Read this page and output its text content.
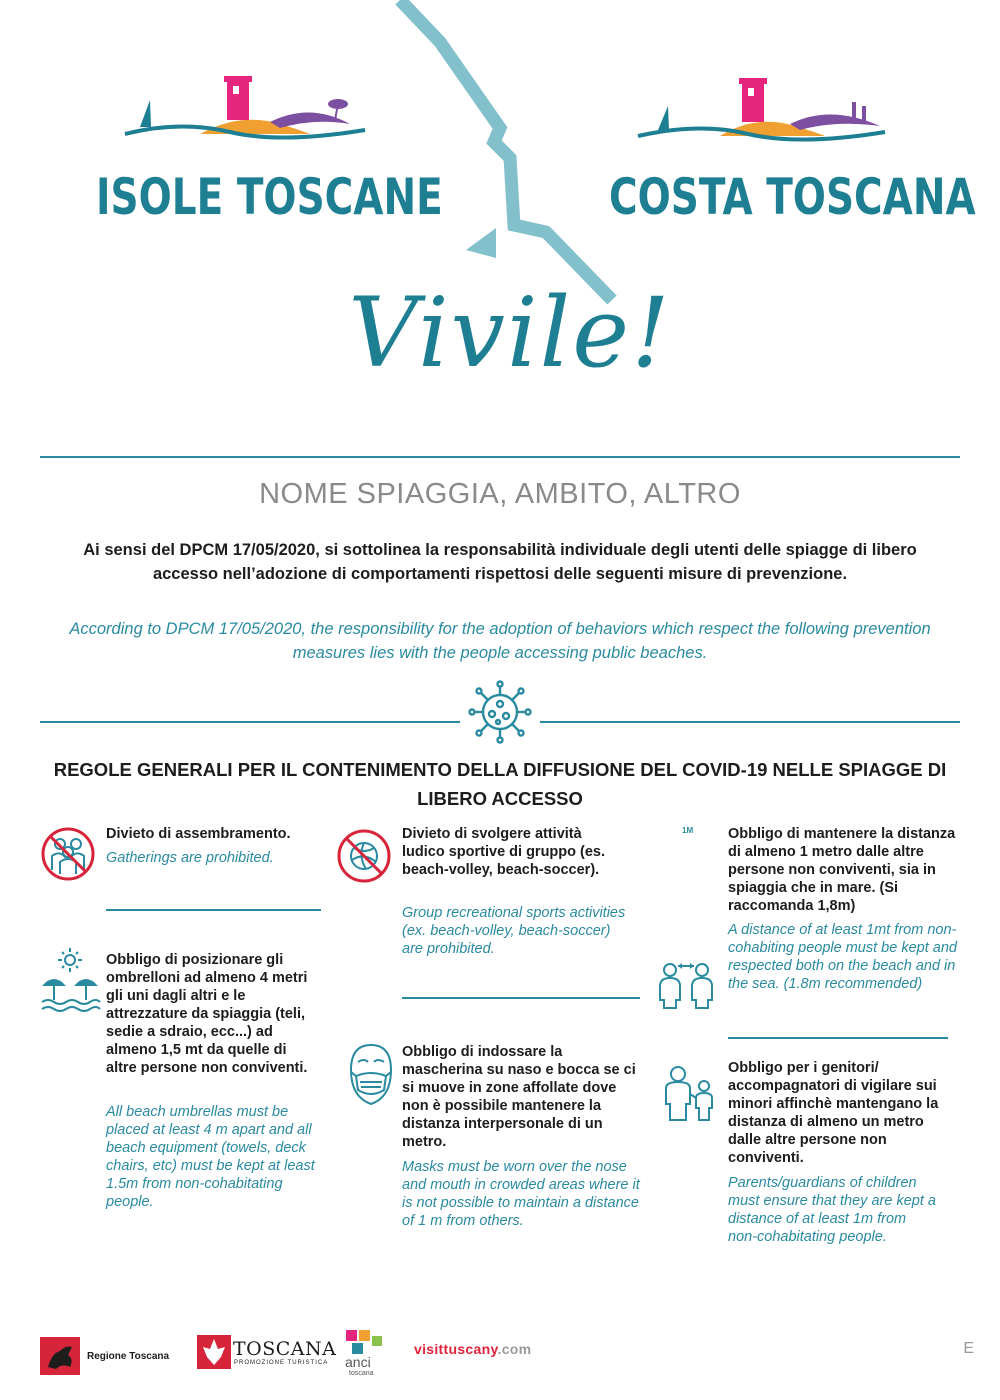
ISOLE TOSCANE	COSTA TOSCANA
Vivile!
NOME SPIAGGIA, AMBITO, ALTRO
Ai sensi del DPCM 17/05/2020, si sottolinea la responsabilità individuale degli utenti delle spiagge di libero accesso nell’adozione di comportamenti rispettosi delle seguenti misure di prevenzione.
According to DPCM 17/05/2020, the responsibility for the adoption of behaviors which respect the following prevention measures lies with the people accessing public beaches.
REGOLE GENERALI PER IL CONTENIMENTO DELLA DIFFUSIONE DEL COVID-19 NELLE SPIAGGE DI LIBERO ACCESSO
Divieto di assembramento.
Gatherings are prohibited.
Obbligo di posizionare gli ombrelloni ad almeno 4 metri gli uni dagli altri e le attrezzature da spiaggia (teli, sedie a sdraio, ecc...) ad almeno 1,5 mt da quelle di altre persone non conviventi.
All beach umbrellas must be placed at least 4 m apart and all beach equipment (towels, deck chairs, etc) must be kept at least 1.5m from non-cohabitating people.
Divieto di svolgere attività ludico sportive di gruppo (es. beach-volley, beach-soccer).
Group recreational sports activities (ex. beach-volley, beach-soccer) are prohibited.
Obbligo di indossare la mascherina su naso e bocca se ci si muove in zone affollate dove non è possibile mantenere la distanza interpersonale di un metro.
Masks must be worn over the nose and mouth in crowded areas where it is not possible to maintain a distance of 1 m from others.
1M Obbligo di mantenere la distanza di almeno 1 metro dalle altre persone non conviventi, sia in spiaggia che in mare. (Si raccomanda 1,8m)
A distance of at least 1mt from non-cohabiting people must be kept and respected both on the beach and in the sea. (1.8m recommended)
Obbligo per i genitori/ accompagnatori di vigilare sui minori affinchè mantengano la distanza di almeno un metro dalle altre persone non conviventi.
Parents/guardians of children must ensure that they are kept a distance of at least 1m from non-cohabitating people.
Regione Toscana	TOSCANA
PROMOZIONE TURISTICA anci
toscana
visittuscany.com	E
